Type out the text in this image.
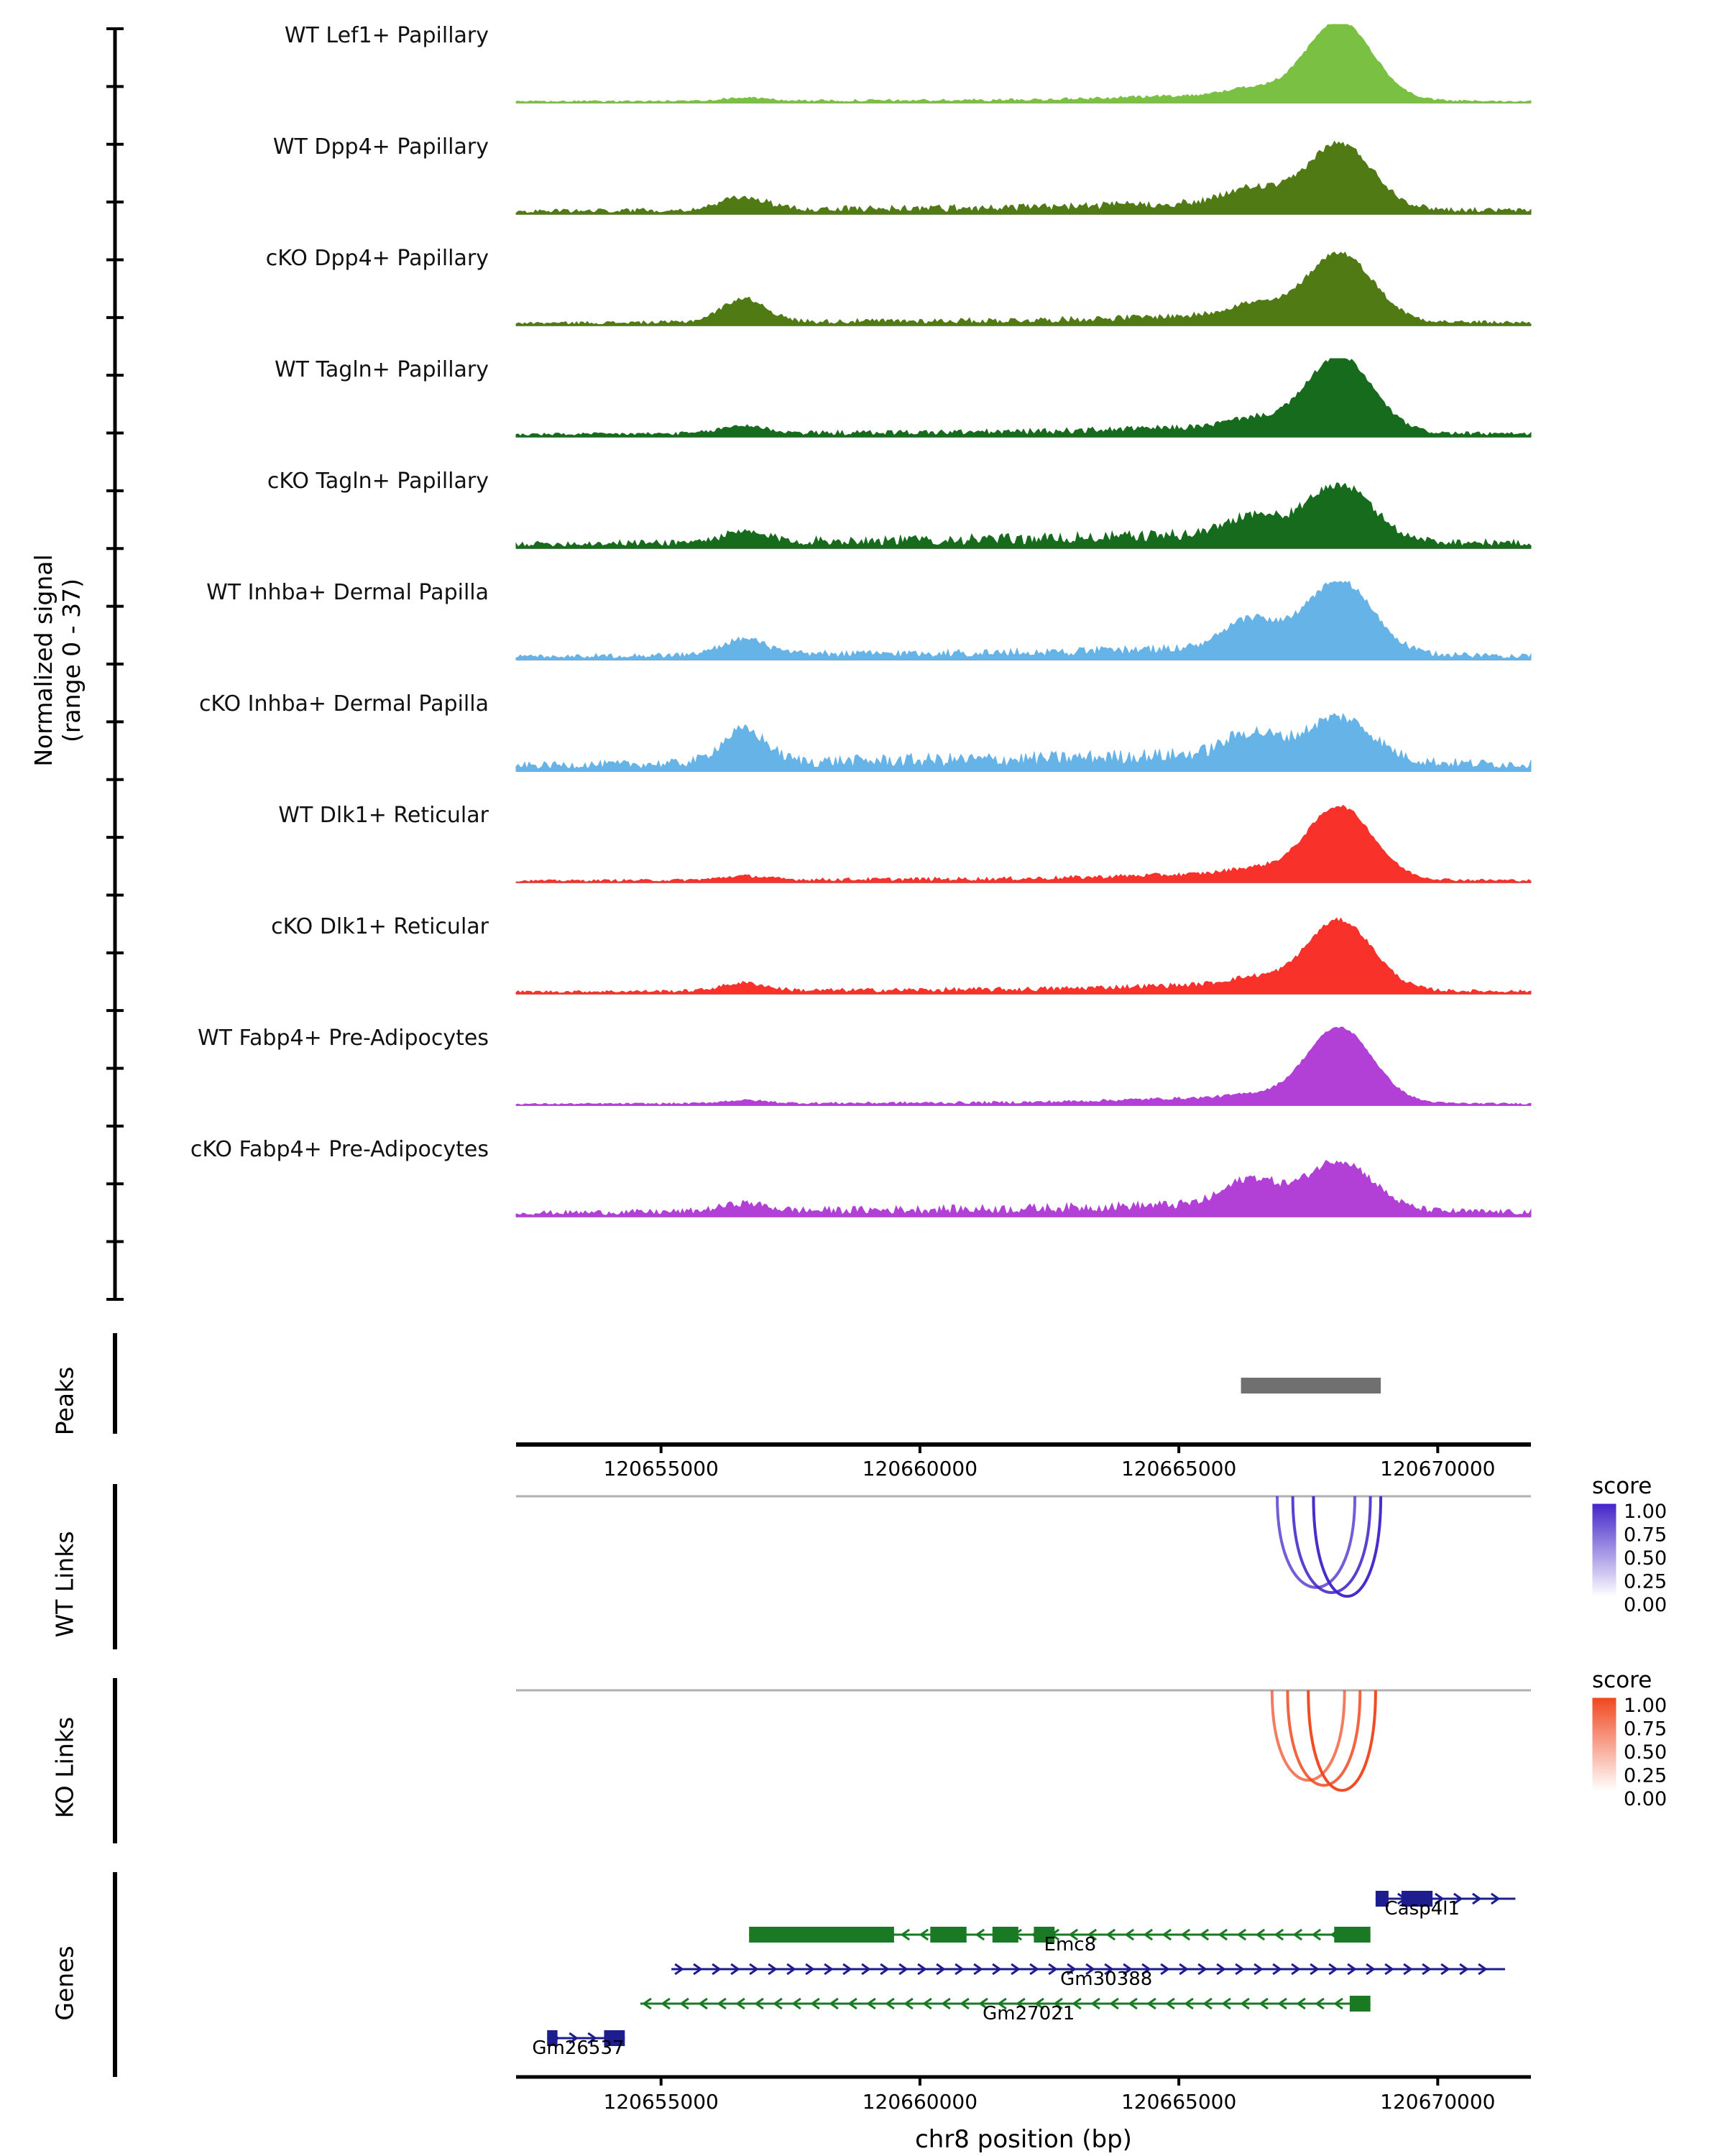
WT Lef1+ Papillary
WT Dpp4+ Papillary
cKO Dpp4+ Papillary
WT Tagln+ Papillary
cKO Tagln+ Papillary
WT Inhba+ Dermal Papilla
cKO Inhba+ Dermal Papilla
WT Dlk1+ Reticular
cKO Dlk1+ Reticular
WT Fabp4+ Pre-Adipocytes
cKO Fabp4+ Pre-Adipocytes
Normalized signal
(range 0 - 37)
120655000	120660000	120665000	120670000
Peaks
score
1.00
0.75
0.50
0.25
0.00
score
1.00
0.75
0.50
0.25
0.00
WT Links
KO Links
Casp4l1
Emc8
Gm30388
Gm27021
Gm26537
120655000	120660000	120665000	120670000
chr8 position (bp)
Genes
